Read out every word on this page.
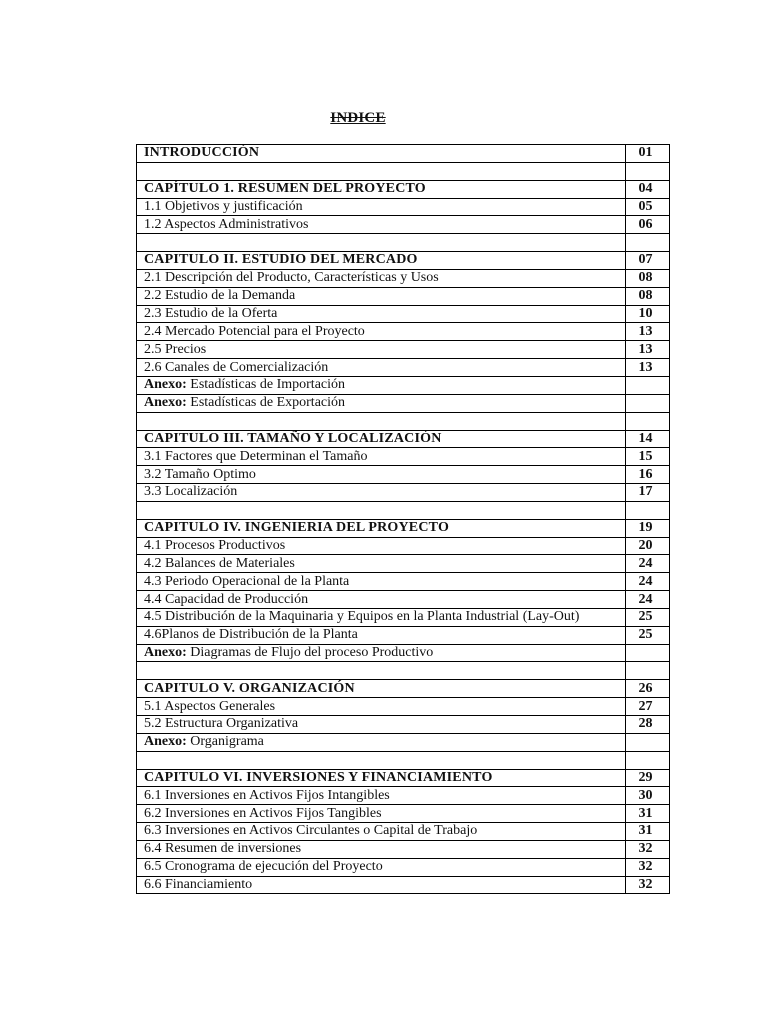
INDICE
INTRODUCCIÓN	01

CAPÍTULO 1. RESUMEN DEL PROYECTO	04
1.1 Objetivos y justificación	05
1.2 Aspectos Administrativos	06

CAPITULO II. ESTUDIO DEL MERCADO	07
2.1 Descripción del Producto, Características y Usos	08
2.2 Estudio de la Demanda	08
2.3 Estudio de la Oferta	10
2.4 Mercado Potencial para el Proyecto	13
2.5 Precios	13
2.6 Canales de Comercialización	13
Anexo: Estadísticas de Importación	
Anexo: Estadísticas de Exportación	

CAPITULO III. TAMAÑO Y LOCALIZACIÓN	14
3.1 Factores que Determinan el Tamaño	15
3.2 Tamaño Optimo	16
3.3 Localización	17

CAPITULO IV. INGENIERIA DEL PROYECTO	19
4.1 Procesos Productivos	20
4.2 Balances de Materiales	24
4.3 Periodo Operacional de la Planta	24
4.4 Capacidad de Producción	24
4.5 Distribución de la Maquinaria y Equipos en la Planta Industrial (Lay-Out)	25
4.6Planos de Distribución de la Planta	25
Anexo: Diagramas de Flujo del proceso Productivo	

CAPITULO V. ORGANIZACIÓN	26
5.1 Aspectos Generales	27
5.2 Estructura Organizativa	28
Anexo: Organigrama	

CAPITULO VI. INVERSIONES Y FINANCIAMIENTO	29
6.1 Inversiones en Activos Fijos Intangibles	30
6.2 Inversiones en Activos Fijos Tangibles	31
6.3 Inversiones en Activos Circulantes o Capital de Trabajo	31
6.4 Resumen de inversiones	32
6.5 Cronograma de ejecución del Proyecto	32
6.6 Financiamiento	32
